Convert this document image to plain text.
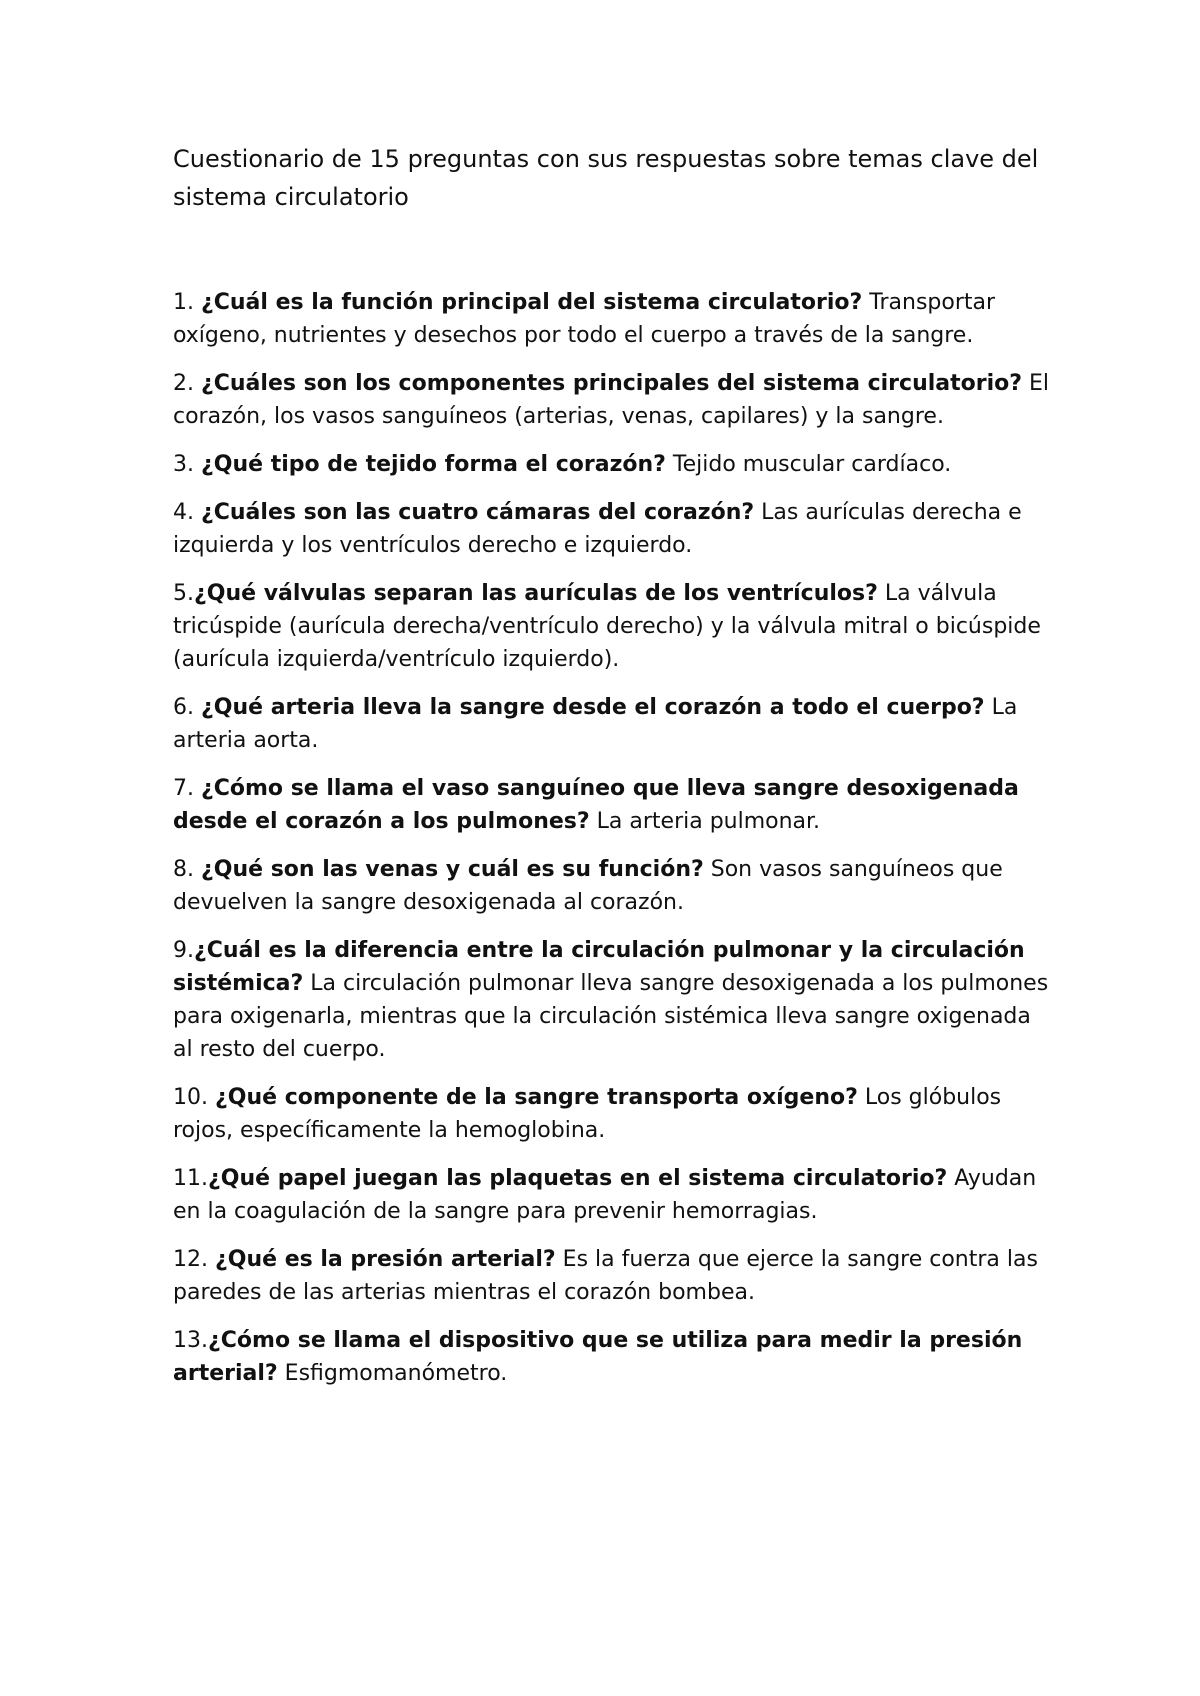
Cuestionario de 15 preguntas con sus respuestas sobre temas clave del sistema circulatorio

1. ¿Cuál es la función principal del sistema circulatorio? Transportar oxígeno, nutrientes y desechos por todo el cuerpo a través de la sangre.

2. ¿Cuáles son los componentes principales del sistema circulatorio? El corazón, los vasos sanguíneos (arterias, venas, capilares) y la sangre.

3. ¿Qué tipo de tejido forma el corazón? Tejido muscular cardíaco.

4. ¿Cuáles son las cuatro cámaras del corazón? Las aurículas derecha e izquierda y los ventrículos derecho e izquierdo.

5.¿Qué válvulas separan las aurículas de los ventrículos? La válvula tricúspide (aurícula derecha/ventrículo derecho) y la válvula mitral o bicúspide (aurícula izquierda/ventrículo izquierdo).

6. ¿Qué arteria lleva la sangre desde el corazón a todo el cuerpo? La arteria aorta.

7. ¿Cómo se llama el vaso sanguíneo que lleva sangre desoxigenada desde el corazón a los pulmones? La arteria pulmonar.

8. ¿Qué son las venas y cuál es su función? Son vasos sanguíneos que devuelven la sangre desoxigenada al corazón.

9.¿Cuál es la diferencia entre la circulación pulmonar y la circulación sistémica? La circulación pulmonar lleva sangre desoxigenada a los pulmones para oxigenarla, mientras que la circulación sistémica lleva sangre oxigenada al resto del cuerpo.

10. ¿Qué componente de la sangre transporta oxígeno? Los glóbulos rojos, específicamente la hemoglobina.

11.¿Qué papel juegan las plaquetas en el sistema circulatorio? Ayudan en la coagulación de la sangre para prevenir hemorragias.

12. ¿Qué es la presión arterial? Es la fuerza que ejerce la sangre contra las paredes de las arterias mientras el corazón bombea.

13.¿Cómo se llama el dispositivo que se utiliza para medir la presión arterial? Esfigmomanómetro.
